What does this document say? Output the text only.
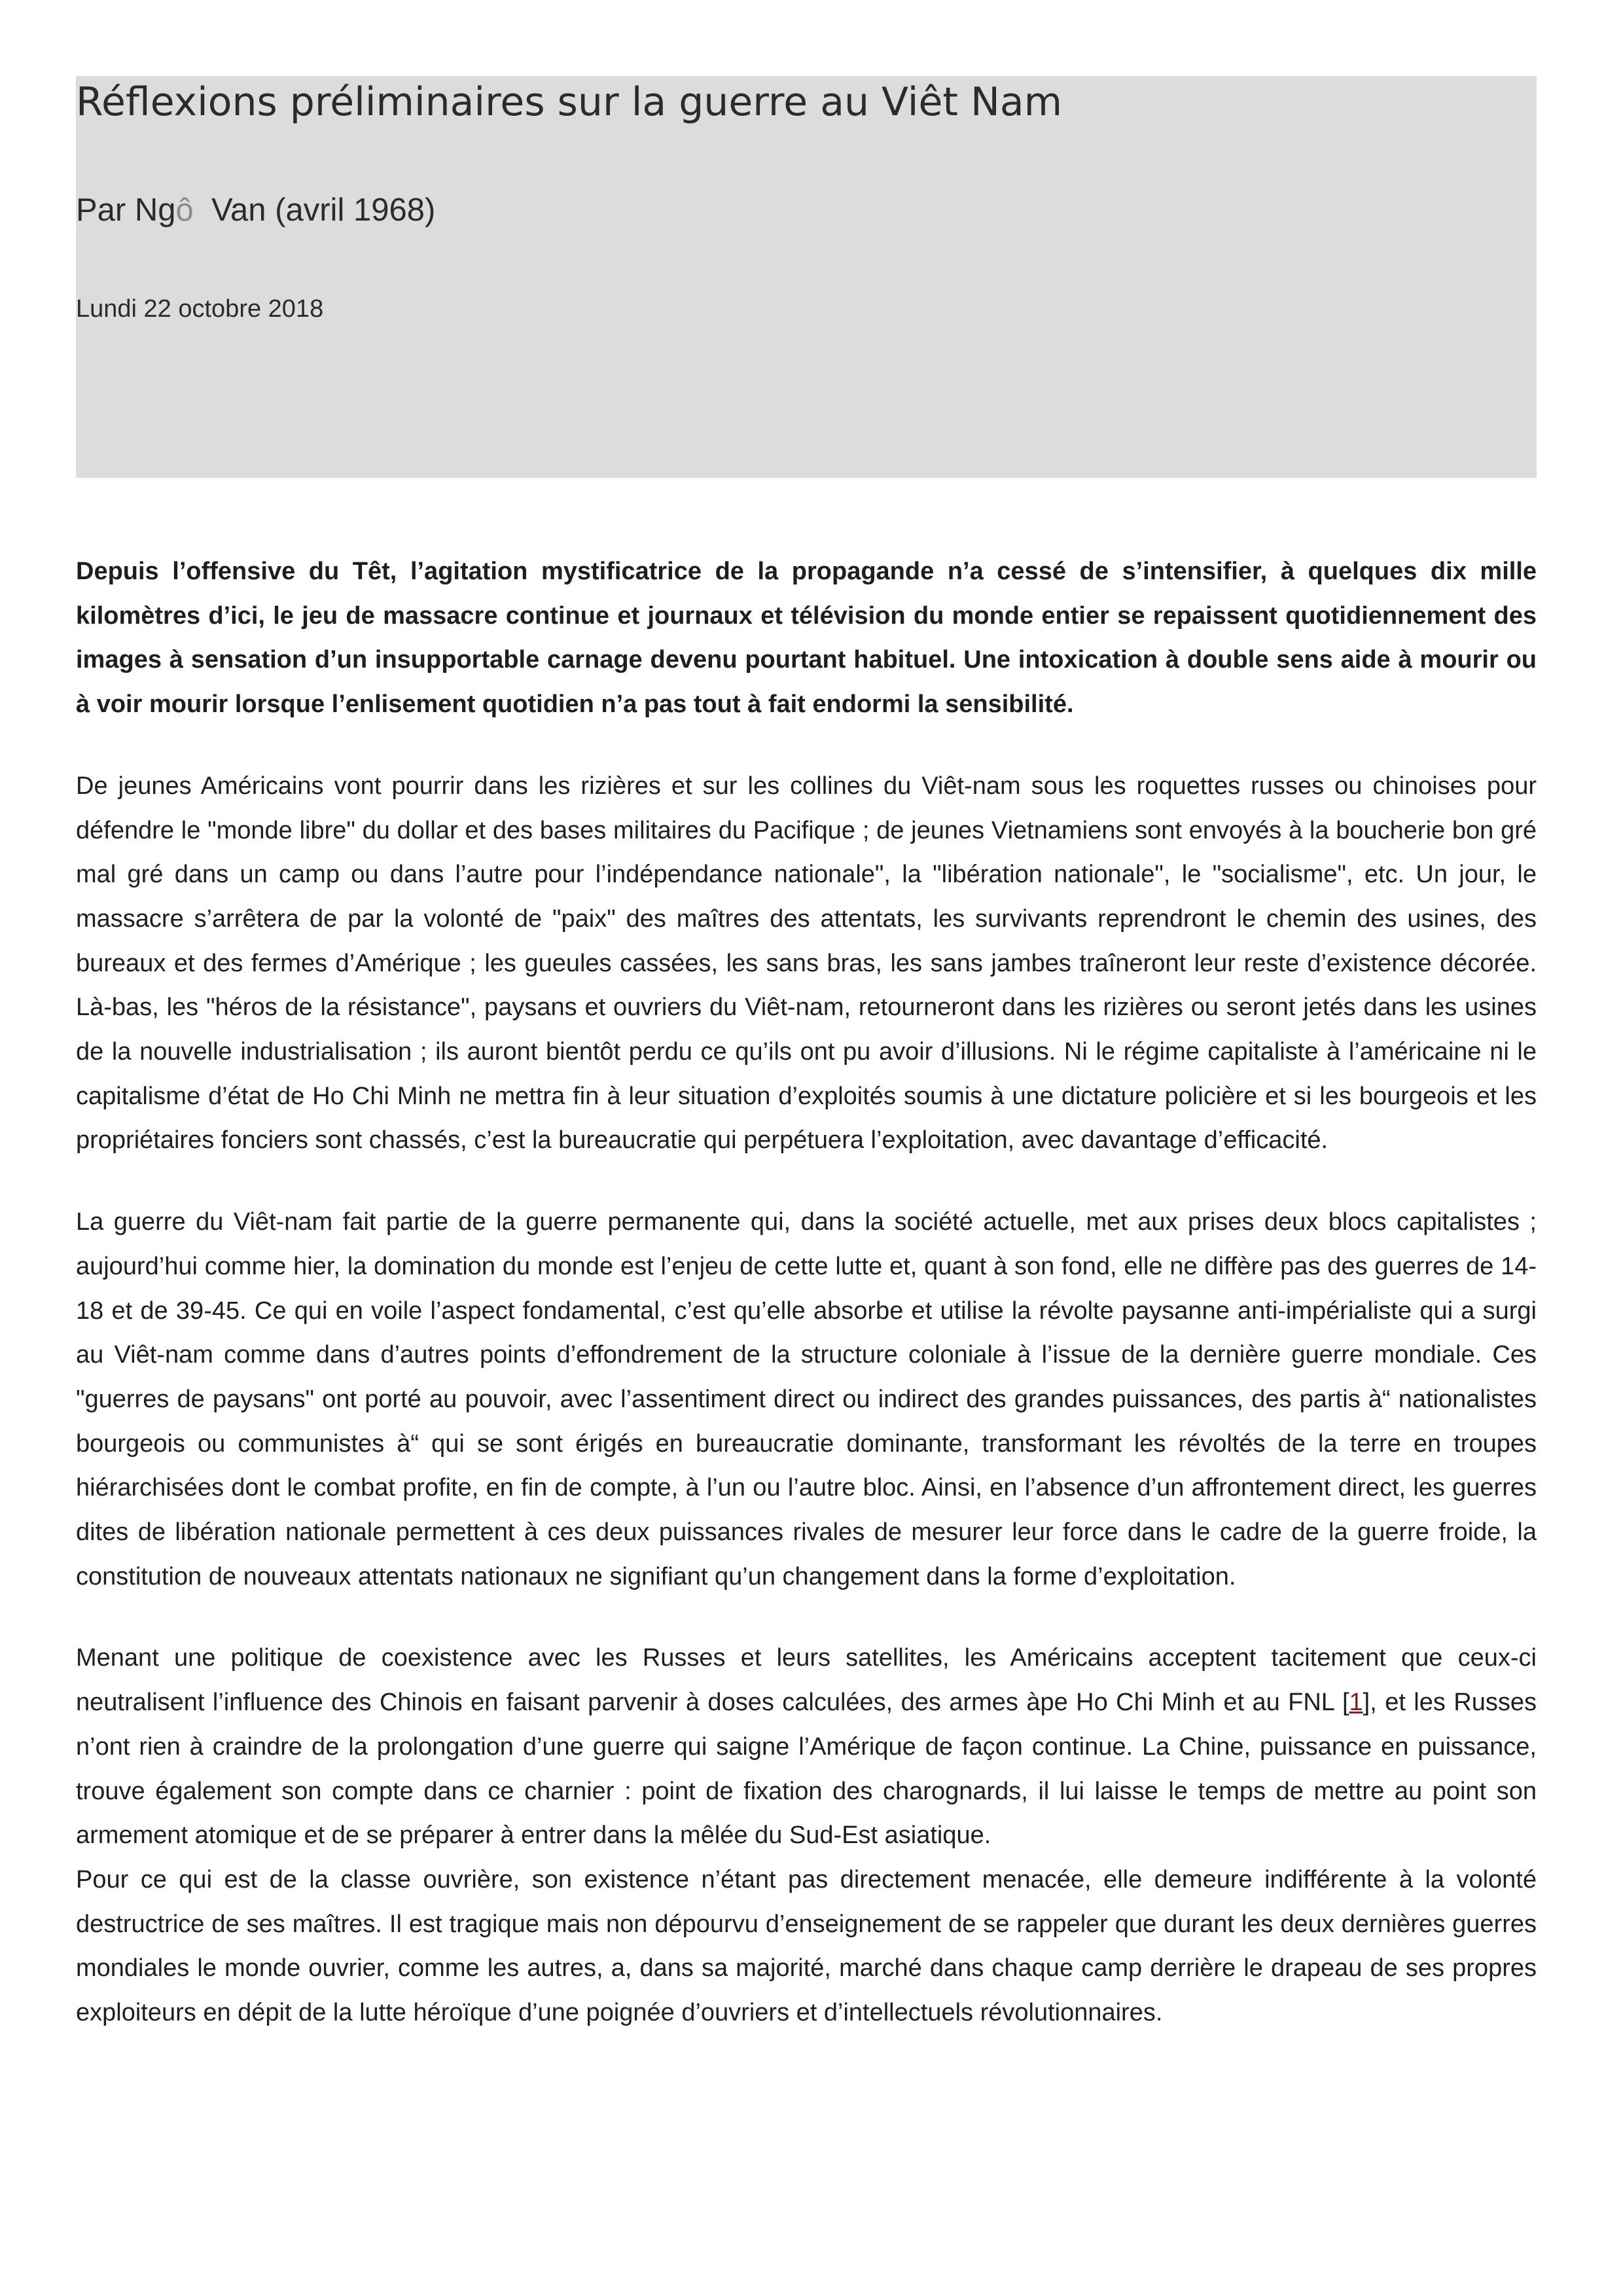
Réflexions préliminaires sur la guerre au Viêt Nam
Par Ngô  Van (avril 1968)
Lundi 22 octobre 2018

Depuis l’offensive du Têt, l’agitation mystificatrice de la propagande n’a cessé de s’intensifier, à quelques dix mille kilomètres d’ici, le jeu de massacre continue et journaux et télévision du monde entier se repaissent quotidiennement des images à sensation d’un insupportable carnage devenu pourtant habituel. Une intoxication à double sens aide à mourir ou à voir mourir lorsque l’enlisement quotidien n’a pas tout à fait endormi la sensibilité.

De jeunes Américains vont pourrir dans les rizières et sur les collines du Viêt-nam sous les roquettes russes ou chinoises pour défendre le "monde libre" du dollar et des bases militaires du Pacifique ; de jeunes Vietnamiens sont envoyés à la boucherie bon gré mal gré dans un camp ou dans l’autre pour l’indépendance nationale", la "libération nationale", le "socialisme", etc. Un jour, le massacre s’arrêtera de par la volonté de "paix" des maîtres des attentats, les survivants reprendront le chemin des usines, des bureaux et des fermes d’Amérique ; les gueules cassées, les sans bras, les sans jambes traîneront leur reste d’existence décorée. Là-bas, les "héros de la résistance", paysans et ouvriers du Viêt-nam, retourneront dans les rizières ou seront jetés dans les usines de la nouvelle industrialisation ; ils auront bientôt perdu ce qu’ils ont pu avoir d’illusions. Ni le régime capitaliste à l’américaine ni le capitalisme d’état de Ho Chi Minh ne mettra fin à leur situation d’exploités soumis à une dictature policière et si les bourgeois et les propriétaires fonciers sont chassés, c’est la bureaucratie qui perpétuera l’exploitation, avec davantage d’efficacité.

La guerre du Viêt-nam fait partie de la guerre permanente qui, dans la société actuelle, met aux prises deux blocs capitalistes ; aujourd’hui comme hier, la domination du monde est l’enjeu de cette lutte et, quant à son fond, elle ne diffère pas des guerres de 14-18 et de 39-45. Ce qui en voile l’aspect fondamental, c’est qu’elle absorbe et utilise la révolte paysanne anti-impérialiste qui a surgi au Viêt-nam comme dans d’autres points d’effondrement de la structure coloniale à l’issue de la dernière guerre mondiale. Ces "guerres de paysans" ont porté au pouvoir, avec l’assentiment direct ou indirect des grandes puissances, des partis à“ nationalistes bourgeois ou communistes à“ qui se sont érigés en bureaucratie dominante, transformant les révoltés de la terre en troupes hiérarchisées dont le combat profite, en fin de compte, à l’un ou l’autre bloc. Ainsi, en l’absence d’un affrontement direct, les guerres dites de libération nationale permettent à ces deux puissances rivales de mesurer leur force dans le cadre de la guerre froide, la constitution de nouveaux attentats nationaux ne signifiant qu’un changement dans la forme d’exploitation.

Menant une politique de coexistence avec les Russes et leurs satellites, les Américains acceptent tacitement que ceux-ci neutralisent l’influence des Chinois en faisant parvenir à doses calculées, des armes àpe Ho Chi Minh et au FNL [1], et les Russes n’ont rien à craindre de la prolongation d’une guerre qui saigne l’Amérique de façon continue. La Chine, puissance en puissance, trouve également son compte dans ce charnier : point de fixation des charognards, il lui laisse le temps de mettre au point son armement atomique et de se préparer à entrer dans la mêlée du Sud-Est asiatique.

Pour ce qui est de la classe ouvrière, son existence n’étant pas directement menacée, elle demeure indifférente à la volonté destructrice de ses maîtres. Il est tragique mais non dépourvu d’enseignement de se rappeler que durant les deux dernières guerres mondiales le monde ouvrier, comme les autres, a, dans sa majorité, marché dans chaque camp derrière le drapeau de ses propres exploiteurs en dépit de la lutte héroïque d’une poignée d’ouvriers et d’intellectuels révolutionnaires.
